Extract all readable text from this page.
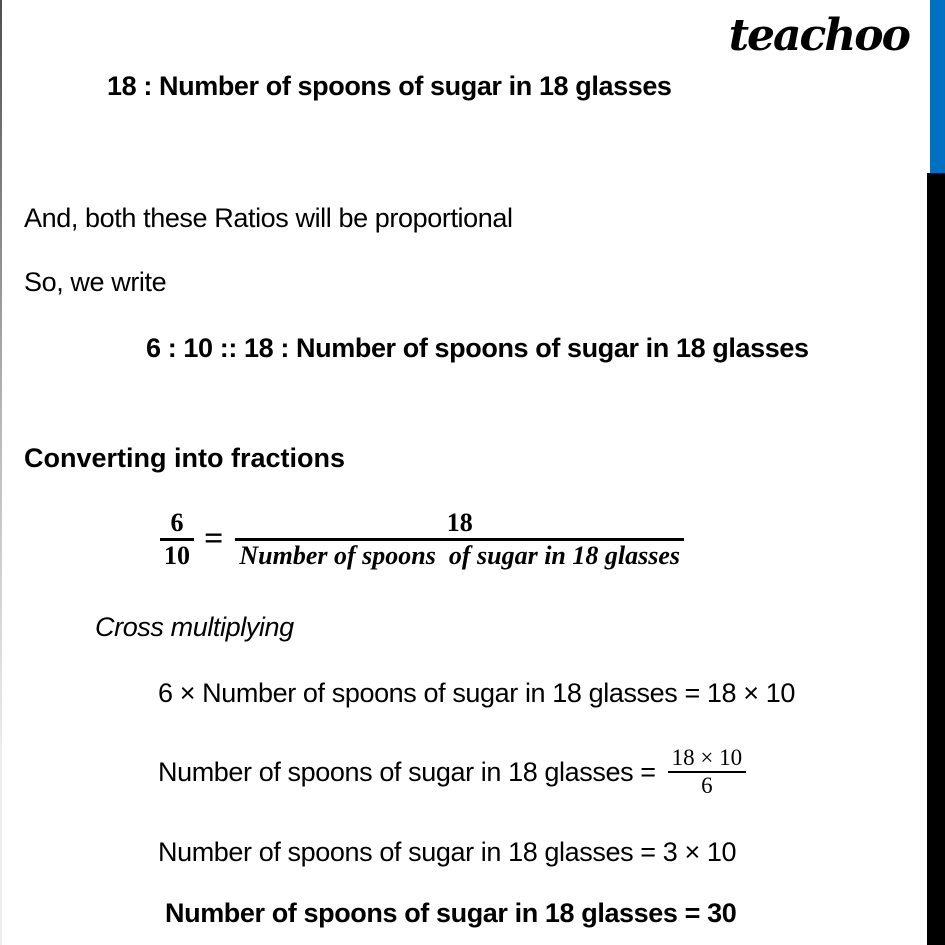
teachoo
18 : Number of spoons of sugar in 18 glasses
And, both these Ratios will be proportional
So, we write
6 : 10 :: 18 : Number of spoons of sugar in 18 glasses
Converting into fractions
$\frac{6}{10} = \frac{18}{\text{Number of spoons  of sugar in 18 glasses}}$
Cross multiplying
6 × Number of spoons of sugar in 18 glasses = 18 × 10
Number of spoons of sugar in 18 glasses = $\frac{18 \times 10}{6}$
Number of spoons of sugar in 18 glasses = 3 × 10
Number of spoons of sugar in 18 glasses = 30
